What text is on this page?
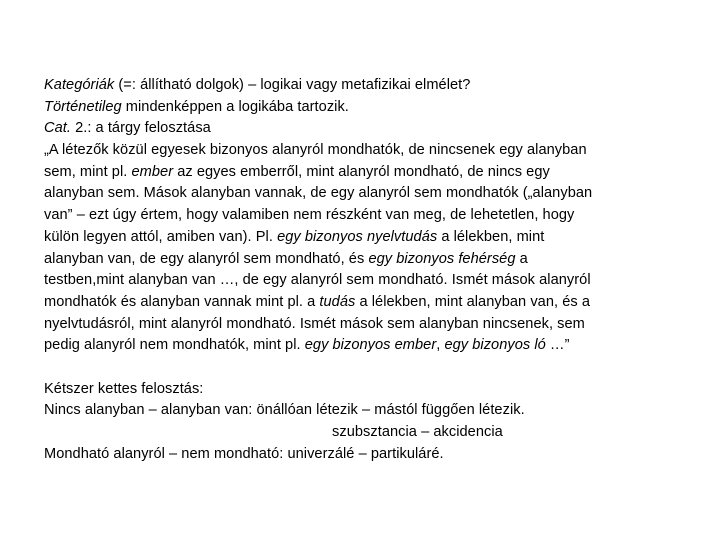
Kategóriák (=: állítható dolgok) – logikai vagy metafizikai elmélet?
Történetileg mindenképpen a logikába tartozik.
Cat. 2.: a tárgy felosztása
„A létezők közül egyesek bizonyos alanyról mondhatók, de nincsenek egy alanyban
sem, mint pl. ember az egyes emberről, mint alanyról mondható, de nincs egy
alanyban sem. Mások alanyban vannak, de egy alanyról sem mondhatók („alanyban
van” – ezt úgy értem, hogy valamiben nem részként van meg, de lehetetlen, hogy
külön legyen attól, amiben van). Pl. egy bizonyos nyelvtudás a lélekben, mint
alanyban van, de egy alanyról sem mondható, és egy bizonyos fehérség a
testben,mint alanyban van …, de egy alanyról sem mondható. Ismét mások alanyról
mondhatók és alanyban vannak mint pl. a tudás a lélekben, mint alanyban van, és a
nyelvtudásról, mint alanyról mondható. Ismét mások sem alanyban nincsenek, sem
pedig alanyról nem mondhatók, mint pl. egy bizonyos ember, egy bizonyos ló …”
Kétszer kettes felosztás:
Nincs alanyban – alanyban van: önállóan létezik – mástól függően létezik.
szubsztancia – akcidencia
Mondható alanyról – nem mondható: univerzálé – partikuláré.
